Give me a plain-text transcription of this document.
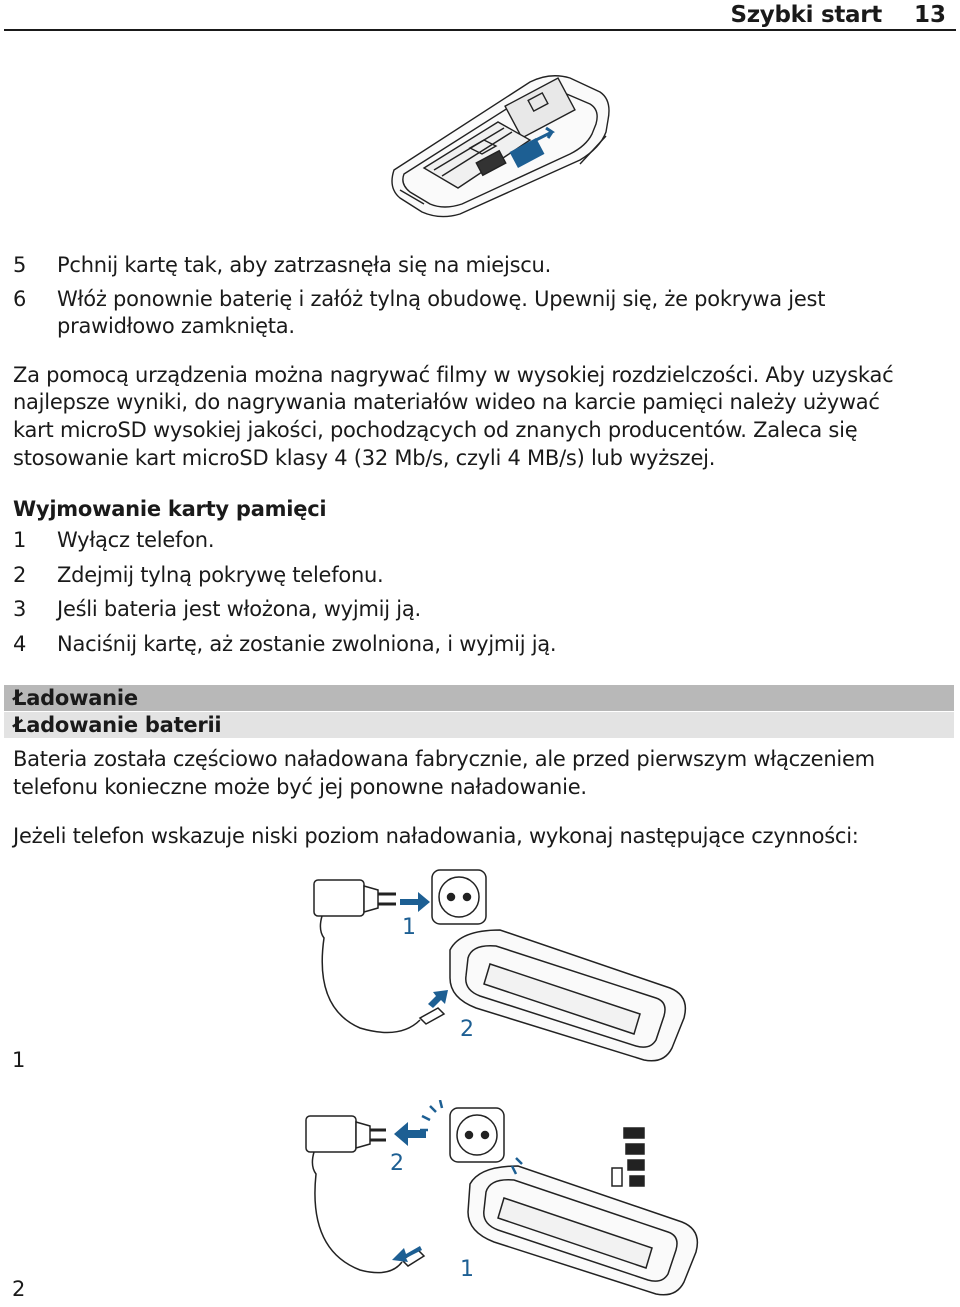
Szybki start 13
5 Pchnij kartę tak, aby zatrzasnęła się na miejscu.
6 Włóż ponownie baterię i załóż tylną obudowę. Upewnij się, że pokrywa jest
prawidłowo zamknięta.
Za pomocą urządzenia można nagrywać filmy w wysokiej rozdzielczości. Aby uzyskać
najlepsze wyniki, do nagrywania materiałów wideo na karcie pamięci należy używać
kart microSD wysokiej jakości, pochodzących od znanych producentów. Zaleca się
stosowanie kart microSD klasy 4 (32 Mb/s, czyli 4 MB/s) lub wyższej.
Wyjmowanie karty pamięci
1 Wyłącz telefon.
2 Zdejmij tylną pokrywę telefonu.
3 Jeśli bateria jest włożona, wyjmij ją.
4 Naciśnij kartę, aż zostanie zwolniona, i wyjmij ją.
Ładowanie
Ładowanie baterii
Bateria została częściowo naładowana fabrycznie, ale przed pierwszym włączeniem
telefonu konieczne może być jej ponowne naładowanie.
Jeżeli telefon wskazuje niski poziom naładowania, wykonaj następujące czynności:
1
1
2
2
2
1
